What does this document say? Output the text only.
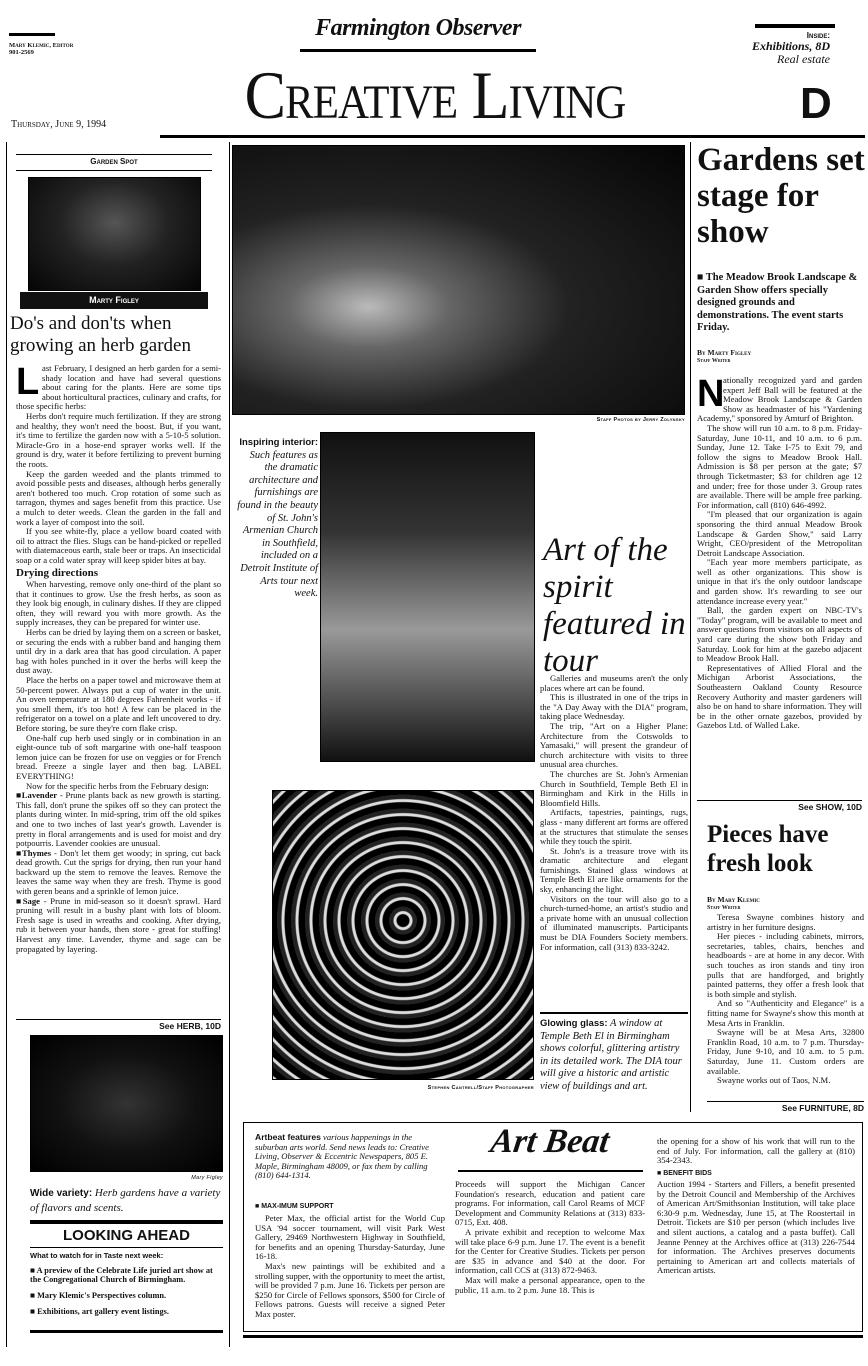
Mary Klemic, Editor
901-2569
Farmington Observer
Creative Living
Thursday, June 9, 1994
Inside:
Exhibitions, 8D
Real estate
D
Garden Spot
Marty Figley
Do's and don'ts when growing an herb garden

Last February, I designed an herb garden for a semi-shady location and have had several questions about caring for the plants. Here are some tips about horticultural practices, culinary and crafts, for those specific herbs:

Herbs don't require much fertilization. If they are strong and healthy, they won't need the boost. But, if you want, it's time to fertilize the garden now with a 5-10-5 solution. Miracle-Gro in a hose-end sprayer works well. If the ground is dry, water it before fertilizing to prevent burning the roots.

Keep the garden weeded and the plants trimmed to avoid possible pests and diseases, although herbs generally aren't bothered too much. Crop rotation of some such as tarragon, thymes and sages benefit from this practice. Use a mulch to deter weeds. Clean the garden in the fall and work a layer of compost into the soil.

If you see white-fly, place a yellow board coated with oil to attract the flies. Slugs can be hand-picked or repelled with diatemaceous earth, stale beer or traps. An insecticidal soap or a cold water spray will keep spider bites at bay.

Drying directions

When harvesting, remove only one-third of the plant so that it continues to grow. Use the fresh herbs, as soon as they look big enough, in culinary dishes. If they are clipped often, they will reward you with more growth. As the supply increases, they can be prepared for winter use.

Herbs can be dried by laying them on a screen or basket, or securing the ends with a rubber band and hanging them until dry in a dark area that has good circulation. A paper bag with holes punched in it over the herbs will keep the dust away.

Place the herbs on a paper towel and microwave them at 50-percent power. Always put a cup of water in the unit. An oven temperature at 180 degrees Fahrenheit works - if you smell them, it's too hot! A few can be placed in the refrigerator on a towel on a plate and left uncovered to dry. Before storing, be sure they're corn flake crisp.

One-half cup herb used singly or in combination in an eight-ounce tub of soft margarine with one-half teaspoon lemon juice can be frozen for use on veggies or for French bread. Freeze a single layer and then bag. LABEL EVERYTHING!

Now for the specific herbs from the February design:

■Lavender - Prune plants back as new growth is starting. This fall, don't prune the spikes off so they can protect the plants during winter. In mid-spring, trim off the old spikes and one to two inches of last year's growth. Lavender is pretty in floral arrangements and is used for moist and dry potpourris. Lavender cookies are unusual.

■Thymes - Don't let them get woody; in spring, cut back dead growth. Cut the sprigs for drying, then run your hand backward up the stem to remove the leaves. Remove the leaves the same way when they are fresh. Thyme is good with geren beans and a sprinkle of lemon juice.

■Sage - Prune in mid-season so it doesn't sprawl. Hard pruning will result in a bushy plant with lots of bloom. Fresh sage is used in wreaths and cooking. After drying, rub it between your hands, then store - great for stuffing! Harvest any time. Lavender, thyme and sage can be propagated by layering.

See HERB, 10D
Mary Figley
Wide variety: Herb gardens have a variety of flavors and scents.
LOOKING AHEAD
What to watch for in Taste next week:
■ A preview of the Celebrate Life juried art show at the Congregational Church of Birmingham.
■ Mary Klemic's Perspectives column.
■ Exhibitions, art gallery event listings.
Staff Photos by Jerry Zolynsky
Inspiring interior: Such features as the dramatic architecture and furnishings are found in the beauty of St. John's Armenian Church in Southfield, included on a Detroit Institute of Arts tour next week.
Art of the spirit featured in tour

Galleries and museums aren't the only places where art can be found.

This is illustrated in one of the trips in the "A Day Away with the DIA" program, taking place Wednesday.

The trip, "Art on a Higher Plane: Architecture from the Cotswolds to Yamasaki," will present the grandeur of church architecture with visits to three unusual area churches.

The churches are St. John's Armenian Church in Southfield, Temple Beth El in Birmingham and Kirk in the Hills in Bloomfield Hills.

Artifacts, tapestries, paintings, rugs, glass - many different art forms are offered at the structures that stimulate the senses while they touch the spirit.

St. John's is a treasure trove with its dramatic architecture and elegant furnishings. Stained glass windows at Temple Beth El are like ornaments for the sky, enhancing the light.

Visitors on the tour will also go to a church-turned-home, an artist's studio and a private home with an unusual collection of illuminated manuscripts. Participants must be DIA Founders Society members. For information, call (313) 833-3242.

Glowing glass: A window at Temple Beth El in Birmingham shows colorful, glittering artistry in its detailed work. The DIA tour will give a historic and artistic view of buildings and art.
Stephen Cantrell/Staff Photographer
Gardens set stage for show
■ The Meadow Brook Landscape & Garden Show offers specially designed grounds and demonstrations. The event starts Friday.
By Marty Figley
Staff Writer

N
ationally recognized yard and garden expert Jeff Ball will be featured at the Meadow Brook Landscape & Garden Show as headmaster of his "Yardening Academy," sponsored by Amturf of Brighton.

The show will run 10 a.m. to 8 p.m. Friday-Saturday, June 10-11, and 10 a.m. to 6 p.m. Sunday, June 12. Take I-75 to Exit 79, and follow the signs to Meadow Brook Hall. Admission is $8 per person at the gate; $7 through Ticketmaster; $3 for children age 12 and under; free for those under 3. Group rates are available. There will be ample free parking. For information, call (810) 646-4992.

"I'm pleased that our organization is again sponsoring the third annual Meadow Brook Landscape & Garden Show," said Larry Wright, CEO/president of the Metropolitan Detroit Landscape Association.

"Each year more members participate, as well as other organizations. This show is unique in that it's the only outdoor landscape and garden show. It's rewarding to see our attendance increase every year."

Ball, the garden expert on NBC-TV's "Today" program, will be available to meet and answer questions from visitors on all aspects of yard care during the show both Friday and Saturday. Look for him at the gazebo adjacent to Meadow Brook Hall.

Representatives of Allied Floral and the Michigan Arborist Associations, the Southeastern Oakland County Resource Recovery Authority and master gardeners will also be on hand to share information. They will be in the other ornate gazebos, provided by Gazebos Ltd. of Walled Lake.

See SHOW, 10D
Pieces have fresh look
By Mary Klemic
Staff Writer

Teresa Swayne combines history and artistry in her furniture designs.

Her pieces - including cabinets, mirrors, secretaries, tables, chairs, benches and headboards - are at home in any decor. With such touches as iron stands and tiny iron pulls that are handforged, and brightly painted patterns, they offer a fresh look that is both simple and stylish.

And so "Authenticity and Elegance" is a fitting name for Swayne's show this month at Mesa Arts in Franklin.

Swayne will be at Mesa Arts, 32800 Franklin Road, 10 a.m. to 7 p.m. Thursday-Friday, June 9-10, and 10 a.m. to 5 p.m. Saturday, June 11. Custom orders are available.

Swayne works out of Taos, N.M.

See FURNITURE, 8D
Art Beat
Artbeat features various happenings in the suburban arts world. Send news leads to: Creative Living, Observer & Eccentric Newspapers, 805 E. Maple, Birmingham 48009, or fax them by calling (810) 644-1314.
■ MAX-IMUM SUPPORT

Peter Max, the official artist for the World Cup USA '94 soccer tournament, will visit Park West Gallery, 29469 Northwestern Highway in Southfield, for benefits and an opening Thursday-Saturday, June 16-18.

Max's new paintings will be exhibited and a strolling supper, with the opportunity to meet the artist, will be provided 7 p.m. June 16. Tickets per person are $250 for Circle of Fellows sponsors, $500 for Circle of Fellows patrons. Guests will receive a signed Peter Max poster.

Proceeds will support the Michigan Cancer Foundation's research, education and patient care programs. For information, call Carol Reams of MCF Development and Community Relations at (313) 833-0715, Ext. 408.

A private exhibit and reception to welcome Max will take place 6-9 p.m. June 17. The event is a benefit for the Center for Creative Studies. Tickets per person are $35 in advance and $40 at the door. For information, call CCS at (313) 872-9463.

Max will make a personal appearance, open to the public, 11 a.m. to 2 p.m. June 18. This is

the opening for a show of his work that will run to the end of July. For information, call the gallery at (810) 354-2343.

■ BENEFIT BIDS

Auction 1994 - Starters and Fillers, a benefit presented by the Detroit Council and Membership of the Archives of American Art/Smithsonian Institution, will take place 6:30-9 p.m. Wednesday, June 15, at The Roostertail in Detroit. Tickets are $10 per person (which includes live and silent auctions, a catalog and a pasta buffet). Call Jeanne Penney at the Archives office at (313) 226-7544 for information. The Archives preserves documents pertaining to American art and collects materials of American artists.
